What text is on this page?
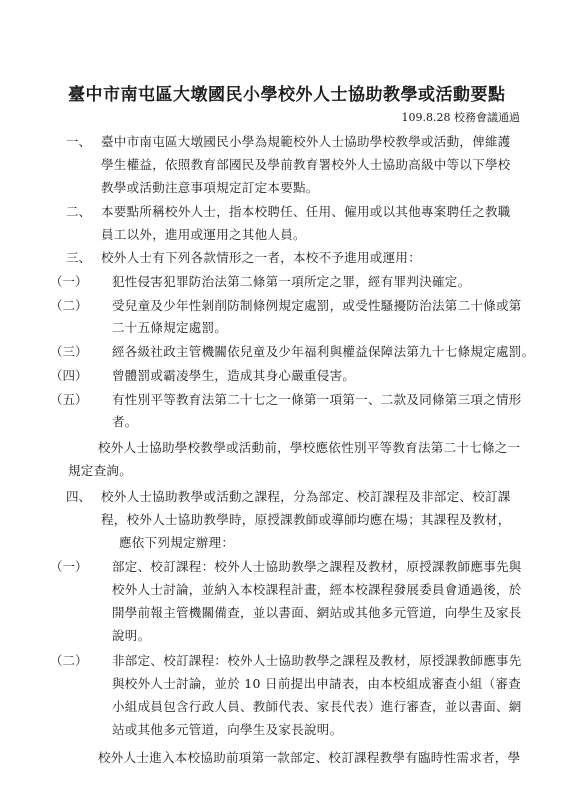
臺中市南屯區大墩國民小學校外人士協助教學或活動要點
109.8.28 校務會議通過
一、 臺中市南屯區大墩國民小學為規範校外人士協助學校教學或活動，俾維護
學生權益，依照教育部國民及學前教育署校外人士協助高級中等以下學校
教學或活動注意事項規定訂定本要點。
二、 本要點所稱校外人士，指本校聘任、任用、僱用或以其他專案聘任之教職
員工以外，進用或運用之其他人員。
三、 校外人士有下列各款情形之一者，本校不予進用或運用：
（一） 犯性侵害犯罪防治法第二條第一項所定之罪，經有罪判決確定。
（二） 受兒童及少年性剝削防制條例規定處罰，或受性騷擾防治法第二十條或第
二十五條規定處罰。
（三） 經各級社政主管機關依兒童及少年福利與權益保障法第九十七條規定處罰。
（四） 曾體罰或霸凌學生，造成其身心嚴重侵害。
（五） 有性別平等教育法第二十七之一條第一項第一、二款及同條第三項之情形
者。
校外人士協助學校教學或活動前，學校應依性別平等教育法第二十七條之一
規定查詢。
四、 校外人士協助教學或活動之課程，分為部定、校訂課程及非部定、校訂課
程，校外人士協助教學時，原授課教師或導師均應在場；其課程及教材，
應依下列規定辦理：
（一） 部定、校訂課程：校外人士協助教學之課程及教材，原授課教師應事先與
校外人士討論，並納入本校課程計畫，經本校課程發展委員會通過後，於
開學前報主管機關備查，並以書面、網站或其他多元管道，向學生及家長
說明。
（二） 非部定、校訂課程：校外人士協助教學之課程及教材，原授課教師應事先
與校外人士討論，並於 10 日前提出申請表，由本校組成審查小組（審查
小組成員包含行政人員、教師代表、家長代表）進行審查，並以書面、網
站或其他多元管道，向學生及家長說明。
校外人士進入本校協助前項第一款部定、校訂課程教學有臨時性需求者，學
